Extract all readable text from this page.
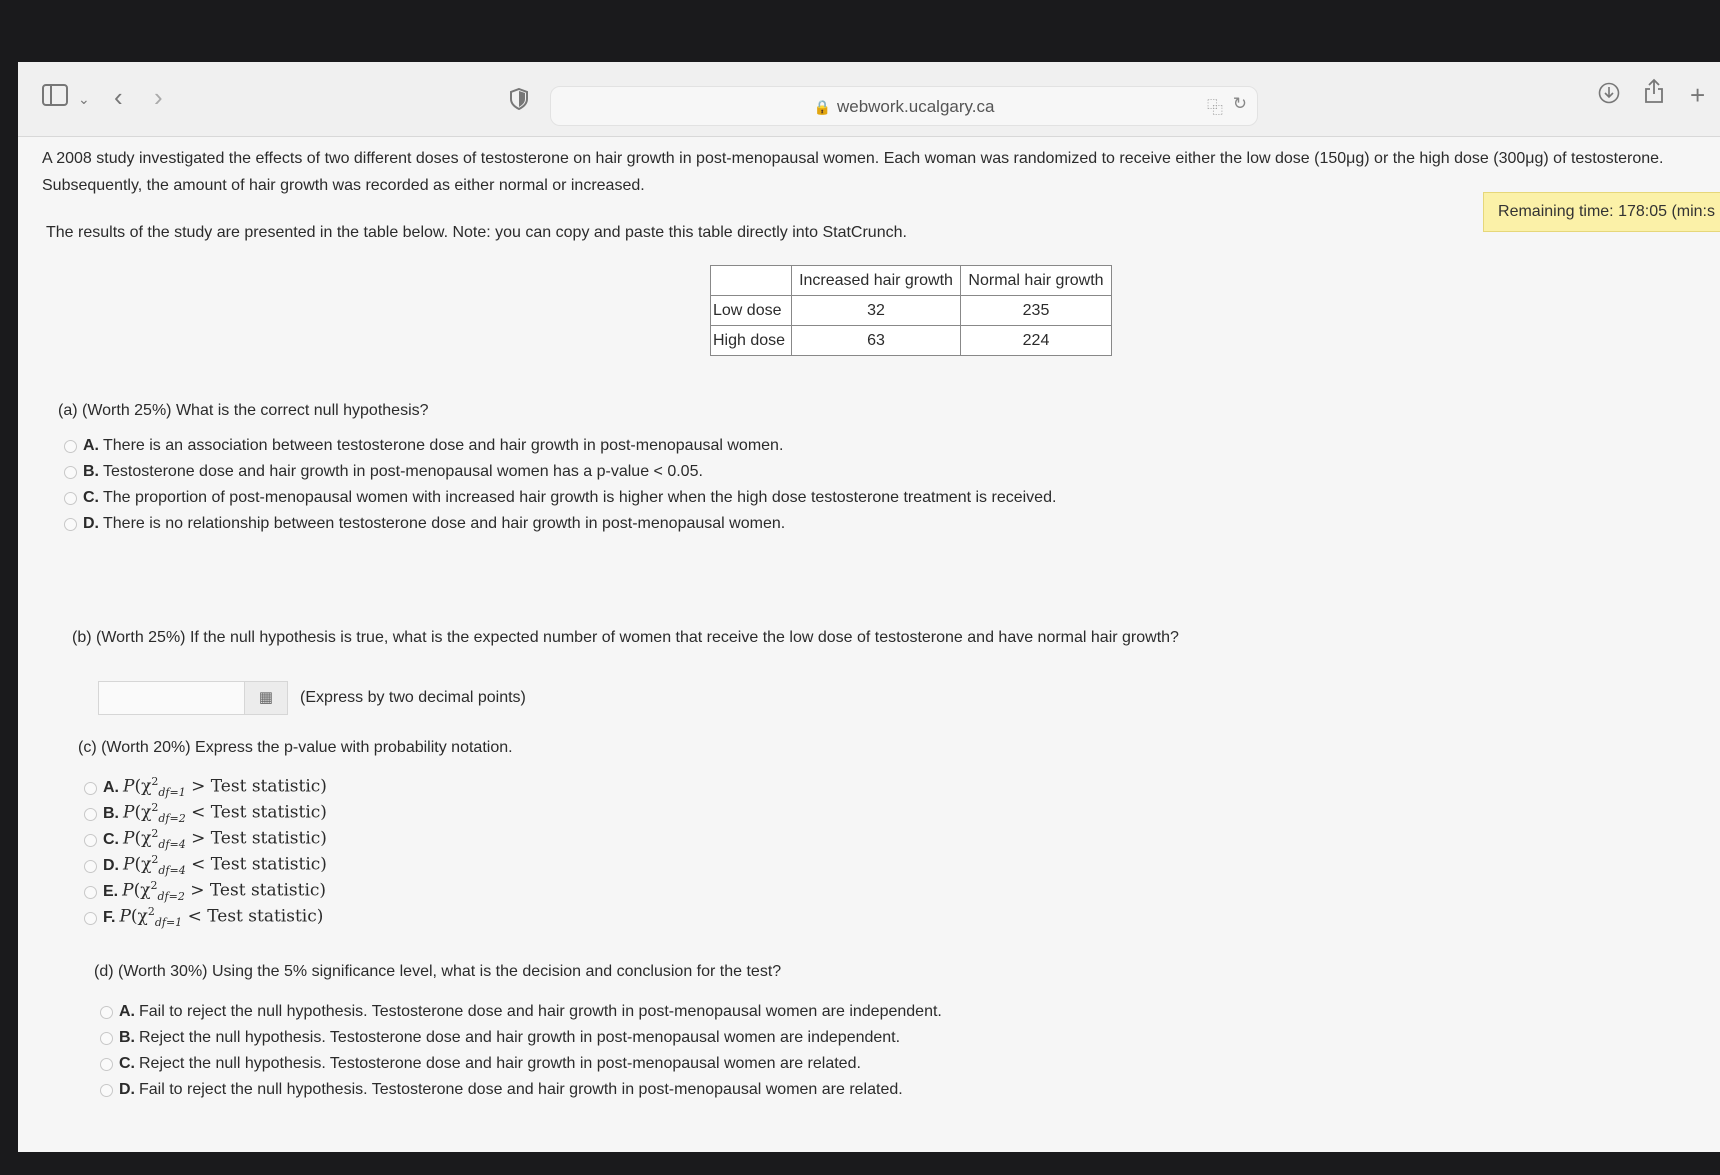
⌄ ‹ ›	🔒 webwork.ucalgary.ca	⿻ ↻	+

A 2008 study investigated the effects of two different doses of testosterone on hair growth in post-menopausal women. Each woman was randomized to receive either the low dose (150μg) or the high dose (300μg) of testosterone. Subsequently, the amount of hair growth was recorded as either normal or increased.

Remaining time: 178:05 (min:s

The results of the study are presented in the table below. Note: you can copy and paste this table directly into StatCrunch.

	Increased hair growth	Normal hair growth
Low dose	32	235
High dose	63	224

(a) (Worth 25%) What is the correct null hypothesis?

A. There is an association between testosterone dose and hair growth in post-menopausal women.
B. Testosterone dose and hair growth in post-menopausal women has a p-value < 0.05.
C. The proportion of post-menopausal women with increased hair growth is higher when the high dose testosterone treatment is received.
D. There is no relationship between testosterone dose and hair growth in post-menopausal women.

(b) (Worth 25%) If the null hypothesis is true, what is the expected number of women that receive the low dose of testosterone and have normal hair growth?

▦	(Express by two decimal points)

(c) (Worth 20%) Express the p-value with probability notation.

A. $P(\chi^2_{df=1}$ > Test statistic)
B. $P(\chi^2_{df=2}$ < Test statistic)
C. $P(\chi^2_{df=4}$ > Test statistic)
D. $P(\chi^2_{df=4}$ < Test statistic)
E. $P(\chi^2_{df=2}$ > Test statistic)
F. $P(\chi^2_{df=1}$ < Test statistic)

(d) (Worth 30%) Using the 5% significance level, what is the decision and conclusion for the test?

A. Fail to reject the null hypothesis. Testosterone dose and hair growth in post-menopausal women are independent.
B. Reject the null hypothesis. Testosterone dose and hair growth in post-menopausal women are independent.
C. Reject the null hypothesis. Testosterone dose and hair growth in post-menopausal women are related.
D. Fail to reject the null hypothesis. Testosterone dose and hair growth in post-menopausal women are related.
